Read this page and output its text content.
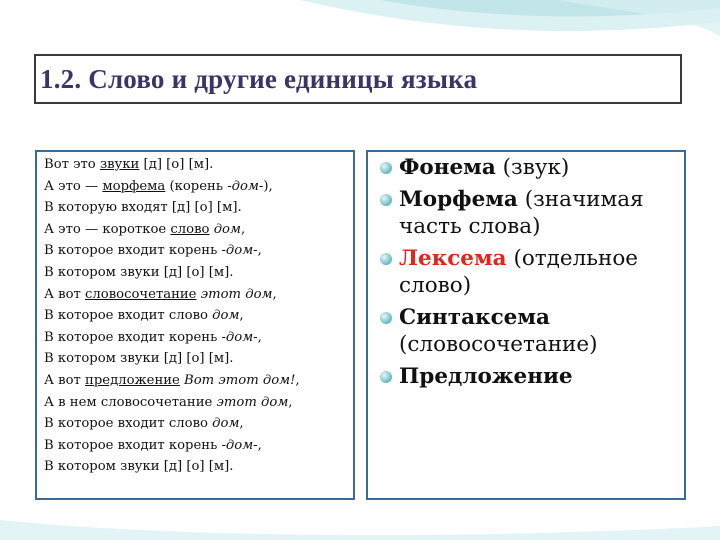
1.2. Слово и другие единицы языка
Вот это звуки [д] [о] [м].
А это — морфема (корень -дом-),
В которую входят [д] [о] [м].
А это — короткое слово дом,
В которое входит корень -дом-,
В котором звуки [д] [о] [м].
А вот словосочетание этот дом,
В которое входит слово дом,
В которое входит корень -дом-,
В котором звуки [д] [о] [м].
А вот предложение Вот этот дом!,
А в нем словосочетание этот дом,
В которое входит слово дом,
В которое входит корень -дом-,
В котором звуки [д] [о] [м].
Фонема (звук)
Морфема (значимая часть слова)
Лексема (отдельное слово)
Синтаксема (словосочетание)
Предложение
